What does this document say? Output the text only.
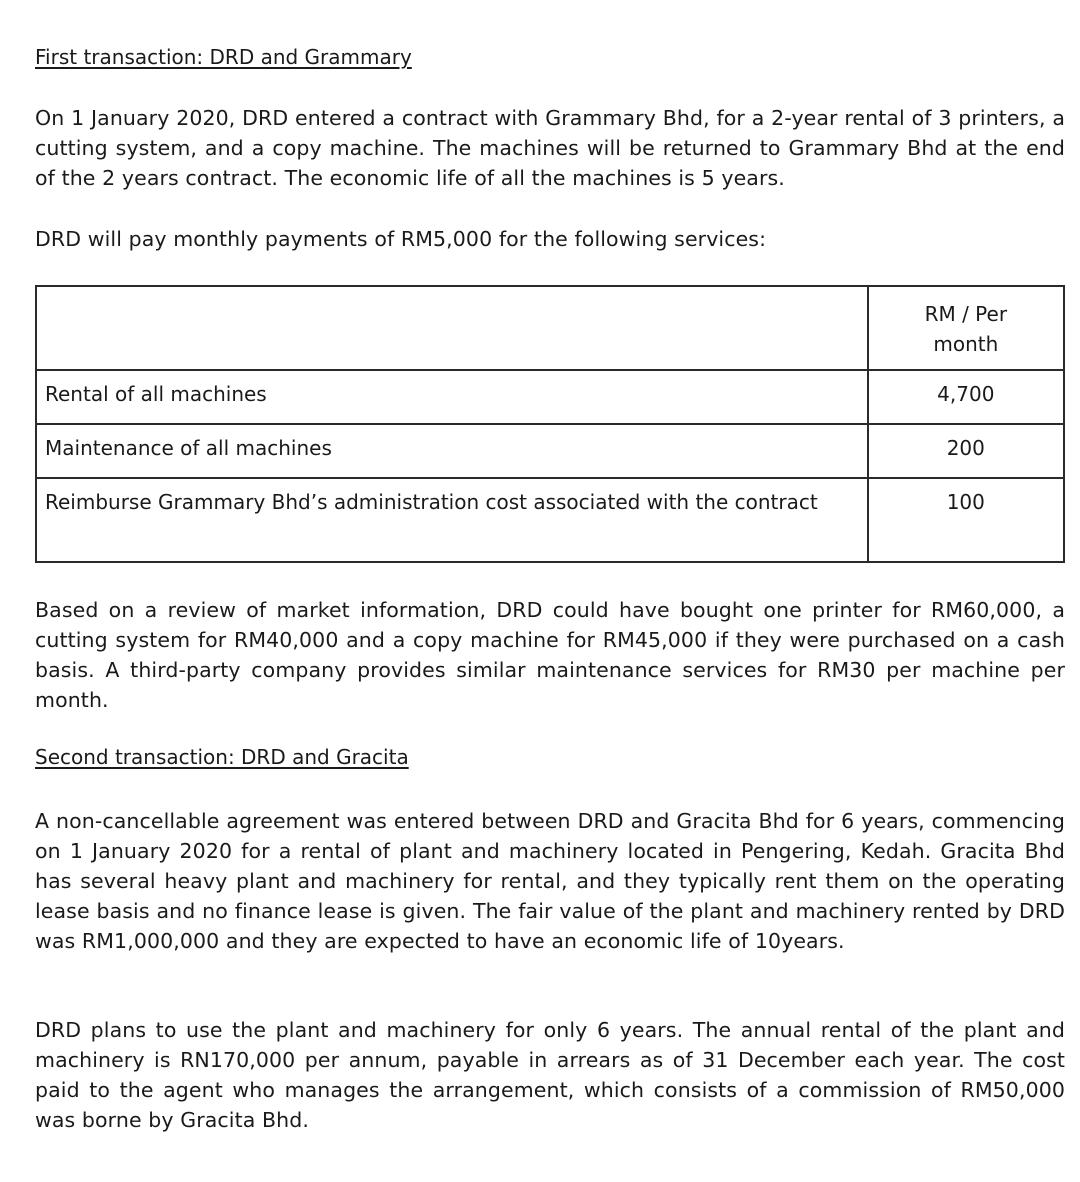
First transaction: DRD and Grammary
On 1 January 2020, DRD entered a contract with Grammary Bhd, for a 2-year rental of 3 printers, a cutting system, and a copy machine. The machines will be returned to Grammary Bhd at the end of the 2 years contract. The economic life of all the machines is 5 years.
DRD will pay monthly payments of RM5,000 for the following services:

	RM / Per
month

Rental of all machines	4,700
Maintenance of all machines	200
Reimburse Grammary Bhd’s administration cost associated with the contract	100
Based on a review of market information, DRD could have bought one printer for RM60,000, a cutting system for RM40,000 and a copy machine for RM45,000 if they were purchased on a cash basis. A third-party company provides similar maintenance services for RM30 per machine per month.
Second transaction: DRD and Gracita
A non-cancellable agreement was entered between DRD and Gracita Bhd for 6 years, commencing on 1 January 2020 for a rental of plant and machinery located in Pengering, Kedah. Gracita Bhd has several heavy plant and machinery for rental, and they typically rent them on the operating lease basis and no finance lease is given. The fair value of the plant and machinery rented by DRD was RM1,000,000 and they are expected to have an economic life of 10years.
DRD plans to use the plant and machinery for only 6 years. The annual rental of the plant and machinery is RN170,000 per annum, payable in arrears as of 31 December each year. The cost paid to the agent who manages the arrangement, which consists of a commission of RM50,000 was borne by Gracita Bhd.
